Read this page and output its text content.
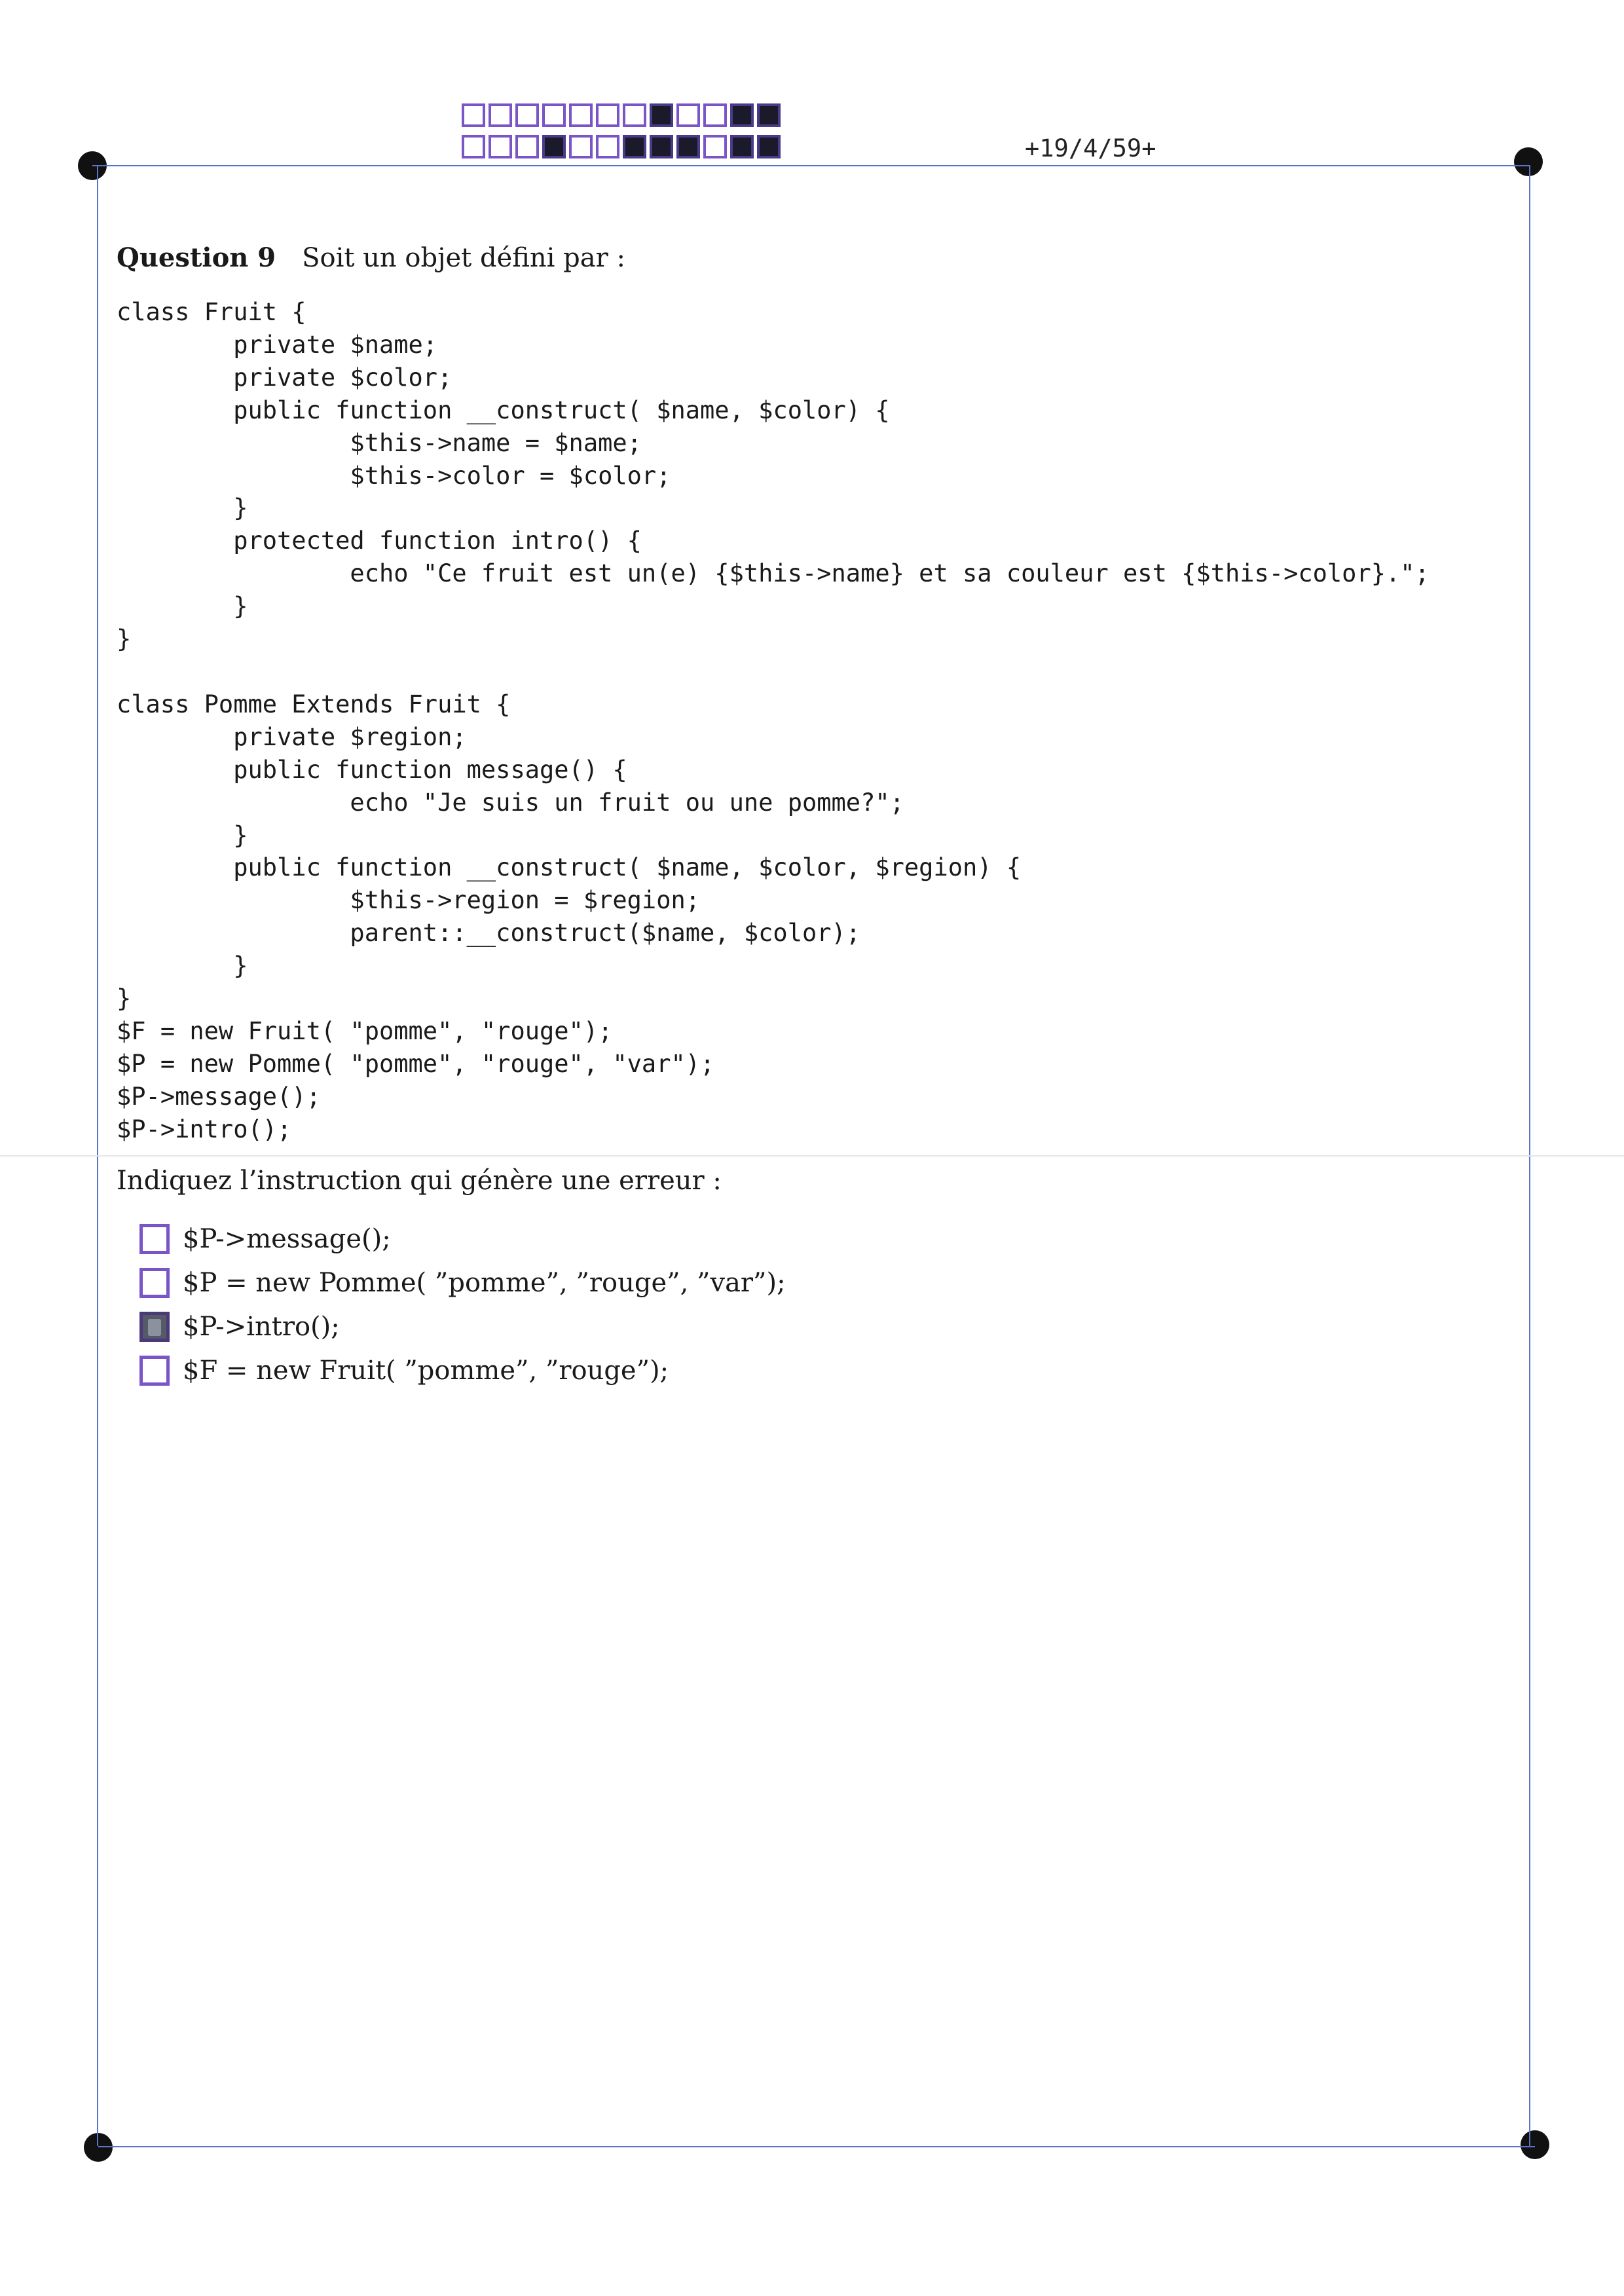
+19/4/59+
Question 9 Soit un objet défini par :
class Fruit {
private $name;
private $color;
public function __construct( $name, $color) {
$this->name = $name;
$this->color = $color;
}
protected function intro() {
echo "Ce fruit est un(e) {$this->name} et sa couleur est {$this->color}.";
}
}

class Pomme Extends Fruit {
private $region;
public function message() {
echo "Je suis un fruit ou une pomme?";
}
public function __construct( $name, $color, $region) {
$this->region = $region;
parent::__construct($name, $color);
}
}
$F = new Fruit( "pomme", "rouge");
$P = new Pomme( "pomme", "rouge", "var");
$P->message();
$P->intro();
Indiquez l’instruction qui génère une erreur :
$P->message();
$P = new Pomme( ”pomme”, ”rouge”, ”var”);
$P->intro();
$F = new Fruit( ”pomme”, ”rouge”);
